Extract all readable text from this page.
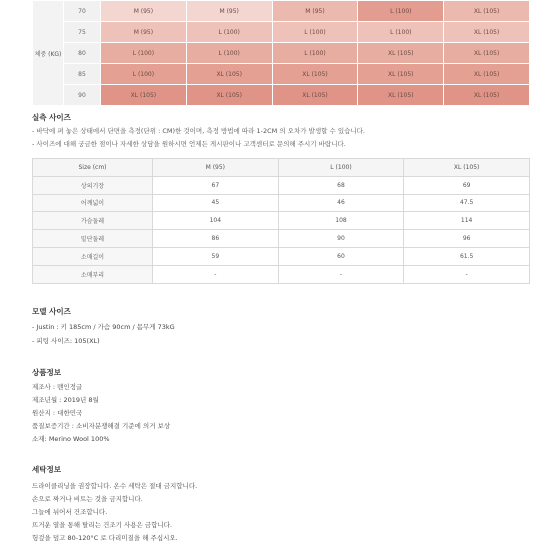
체중 (KG)	70	M (95)	M (95)	M (95)	L (100)	XL (105)
	75	M (95)	L (100)	L (100)	L (100)	XL (105)
	80	L (100)	L (100)	L (100)	XL (105)	XL (105)
	85	L (100)	XL (105)	XL (105)	XL (105)	XL (105)
	90	XL (105)	XL (105)	XL (105)	XL (105)	XL (105)
실측 사이즈
- 바닥에 펴 놓은 상태에서 단면을 측정(단위 : CM)한 것이며, 측정 방법에 따라 1-2CM 의 오차가 발생할 수 있습니다.
- 사이즈에 대해 궁금한 점이나 자세한 상담을 원하시면 언제든 게시판이나 고객센터로 문의해 주시기 바랍니다.
Size (cm)	M (95)	L (100)	XL (105)
상의기장	67	68	69
어깨넓이	45	46	47.5
가슴둘레	104	108	114
밑단둘레	86	90	96
소매길이	59	60	61.5
소매부리	-	-	-
모델 사이즈
- Justin : 키 185cm / 가슴 90cm / 몸무게 73kG
- 피팅 사이즈: 105(XL)
상품정보
제조사 : 맨인정글
제조년월 : 2019년 8월
원산지 : 대한민국
품질보증기간 : 소비자분쟁해결 기준에 의거 보상
소재: Merino Wool 100%
세탁정보
드라이클리닝을 권장합니다. 온수 세탁은 절대 금지합니다.
손으로 짜거나 비트는 것을 금지합니다.
그늘에 뉘어서 건조합니다.
뜨거운 열을 통해 탈리는 건조기 사용은 금합니다.
헝겊을 덮고 80-120°C 로 다리미질을 해 주십시오.
